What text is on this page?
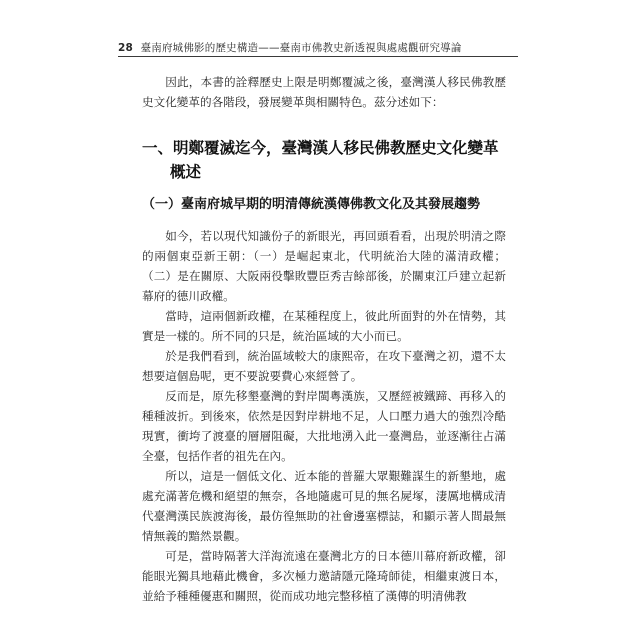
28 臺南府城佛影的歷史構造——臺南市佛教史新透視與處處觀研究導論

因此，本書的詮釋歷史上限是明鄭覆滅之後，臺灣漢人移民佛教歷史文化變革的各階段，發展變革與相關特色。茲分述如下：

一、明鄭覆滅迄今，臺灣漢人移民佛教歷史文化變革
概述
（一）臺南府城早期的明清傳統漢傳佛教文化及其發展趨勢

如今，若以現代知識份子的新眼光，再回頭看看，出現於明清之際的兩個東亞新王朝：（一）是崛起東北，代明統治大陸的滿清政權；（二）是在關原、大阪兩役擊敗豐臣秀吉餘部後，於關東江戶建立起新幕府的德川政權。

當時，這兩個新政權，在某種程度上，彼此所面對的外在情勢，其實是一樣的。所不同的只是，統治區域的大小而已。

於是我們看到，統治區域較大的康熙帝，在攻下臺灣之初，還不太想要這個島呢，更不要說要費心來經營了。

反而是，原先移墾臺灣的對岸閩粵漢族，又歷經被鐵蹄、再移入的種種波折。到後來，依然是因對岸耕地不足，人口壓力過大的強烈冷酷現實，衝垮了渡臺的層層阻礙，大批地湧入此一臺灣島，並逐漸往占滿全臺，包括作者的祖先在內。

所以，這是一個低文化、近本能的普羅大眾艱難謀生的新墾地，處處充滿著危機和絕望的無奈，各地隨處可見的無名屍塚，淒厲地構成清代臺灣漢民族渡海後，最仿徨無助的社會邊塞標誌，和顯示著人間最無情無義的黯然景觀。

可是，當時隔著大洋海流遠在臺灣北方的日本德川幕府新政權，卻能眼光獨具地藉此機會，多次極力邀請隱元隆琦師徒，相繼東渡日本，並給予種種優惠和關照，從而成功地完整移植了漢傳的明清佛教
